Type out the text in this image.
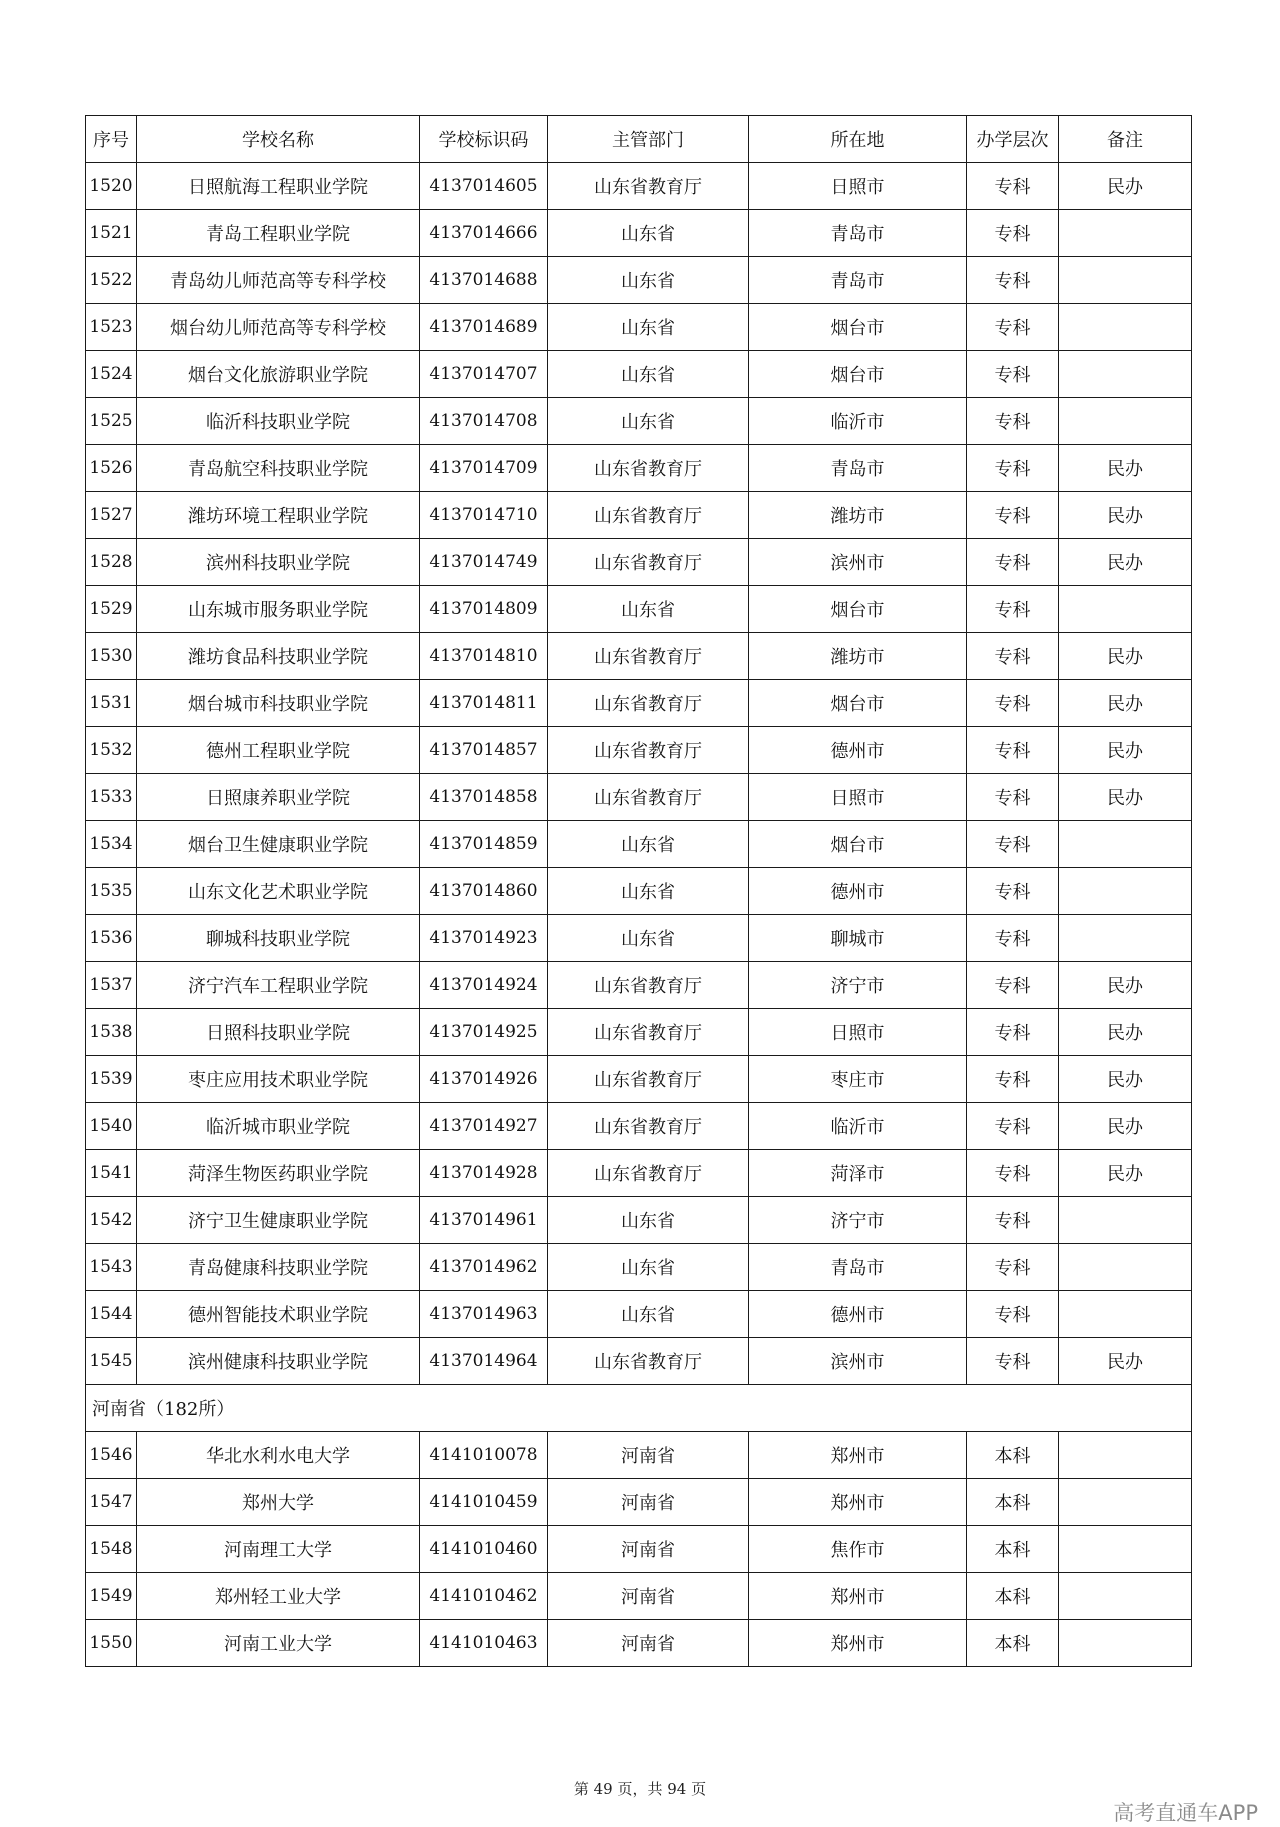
序号	学校名称	学校标识码	主管部门	所在地	办学层次	备注
1520	日照航海工程职业学院	4137014605	山东省教育厅	日照市	专科	民办
1521	青岛工程职业学院	4137014666	山东省	青岛市	专科	
1522	青岛幼儿师范高等专科学校	4137014688	山东省	青岛市	专科	
1523	烟台幼儿师范高等专科学校	4137014689	山东省	烟台市	专科	
1524	烟台文化旅游职业学院	4137014707	山东省	烟台市	专科	
1525	临沂科技职业学院	4137014708	山东省	临沂市	专科	
1526	青岛航空科技职业学院	4137014709	山东省教育厅	青岛市	专科	民办
1527	潍坊环境工程职业学院	4137014710	山东省教育厅	潍坊市	专科	民办
1528	滨州科技职业学院	4137014749	山东省教育厅	滨州市	专科	民办
1529	山东城市服务职业学院	4137014809	山东省	烟台市	专科	
1530	潍坊食品科技职业学院	4137014810	山东省教育厅	潍坊市	专科	民办
1531	烟台城市科技职业学院	4137014811	山东省教育厅	烟台市	专科	民办
1532	德州工程职业学院	4137014857	山东省教育厅	德州市	专科	民办
1533	日照康养职业学院	4137014858	山东省教育厅	日照市	专科	民办
1534	烟台卫生健康职业学院	4137014859	山东省	烟台市	专科	
1535	山东文化艺术职业学院	4137014860	山东省	德州市	专科	
1536	聊城科技职业学院	4137014923	山东省	聊城市	专科	
1537	济宁汽车工程职业学院	4137014924	山东省教育厅	济宁市	专科	民办
1538	日照科技职业学院	4137014925	山东省教育厅	日照市	专科	民办
1539	枣庄应用技术职业学院	4137014926	山东省教育厅	枣庄市	专科	民办
1540	临沂城市职业学院	4137014927	山东省教育厅	临沂市	专科	民办
1541	菏泽生物医药职业学院	4137014928	山东省教育厅	菏泽市	专科	民办
1542	济宁卫生健康职业学院	4137014961	山东省	济宁市	专科	
1543	青岛健康科技职业学院	4137014962	山东省	青岛市	专科	
1544	德州智能技术职业学院	4137014963	山东省	德州市	专科	
1545	滨州健康科技职业学院	4137014964	山东省教育厅	滨州市	专科	民办
河南省（182所）						
1546	华北水利水电大学	4141010078	河南省	郑州市	本科	
1547	郑州大学	4141010459	河南省	郑州市	本科	
1548	河南理工大学	4141010460	河南省	焦作市	本科	
1549	郑州轻工业大学	4141010462	河南省	郑州市	本科	
1550	河南工业大学	4141010463	河南省	郑州市	本科	
第 49 页，共 94 页
高考直通车APP
